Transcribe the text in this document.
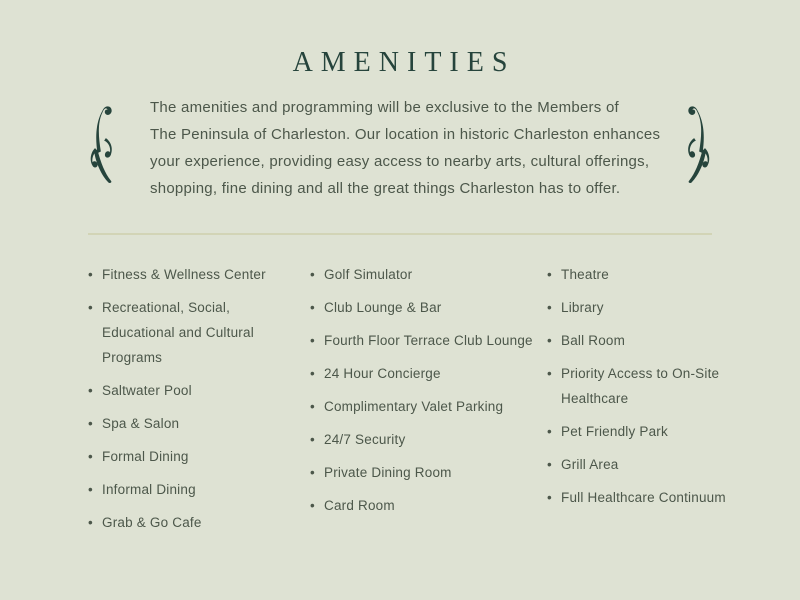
AMENITIES
The amenities and programming will be exclusive to the Members of
The Peninsula of Charleston. Our location in historic Charleston enhances
your experience, providing easy access to nearby arts, cultural offerings,
shopping, fine dining and all the great things Charleston has to offer.
• Fitness & Wellness Center
• Recreational, Social, Educational and Cultural Programs
• Saltwater Pool
• Spa & Salon
• Formal Dining
• Informal Dining
• Grab & Go Cafe
• Golf Simulator
• Club Lounge & Bar
• Fourth Floor Terrace Club Lounge
• 24 Hour Concierge
• Complimentary Valet Parking
• 24/7 Security
• Private Dining Room
• Card Room
• Theatre
• Library
• Ball Room
• Priority Access to On-Site Healthcare
• Pet Friendly Park
• Grill Area
• Full Healthcare Continuum
